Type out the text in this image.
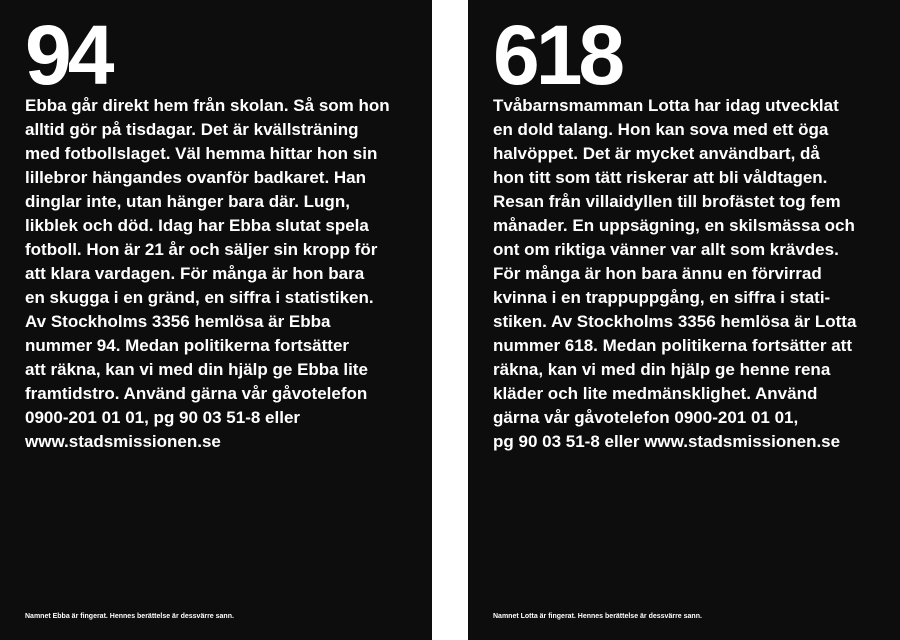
94

Ebba går direkt hem från skolan. Så som hon
alltid gör på tisdagar. Det är kvällsträning
med fotbollslaget. Väl hemma hittar hon sin
lillebror hängandes ovanför badkaret. Han
dinglar inte, utan hänger bara där. Lugn,
likblek och död. Idag har Ebba slutat spela
fotboll. Hon är 21 år och säljer sin kropp för
att klara vardagen. För många är hon bara
en skugga i en gränd, en siffra i statistiken.
Av Stockholms 3356 hemlösa är Ebba
nummer 94. Medan politikerna fortsätter
att räkna, kan vi med din hjälp ge Ebba lite
framtidstro. Använd gärna vår gåvotelefon
0900-201 01 01, pg 90 03 51-8 eller
www.stadsmissionen.se

Namnet Ebba är fingerat. Hennes berättelse är dessvärre sann.

618

Tvåbarnsmamman Lotta har idag utvecklat
en dold talang. Hon kan sova med ett öga
halvöppet. Det är mycket användbart, då
hon titt som tätt riskerar att bli våldtagen.
Resan från villaidyllen till brofästet tog fem
månader. En uppsägning, en skilsmässa och
ont om riktiga vänner var allt som krävdes.
För många är hon bara ännu en förvirrad
kvinna i en trappuppgång, en siffra i stati-
stiken. Av Stockholms 3356 hemlösa är Lotta
nummer 618. Medan politikerna fortsätter att
räkna, kan vi med din hjälp ge henne rena
kläder och lite medmänsklighet. Använd
gärna vår gåvotelefon 0900-201 01 01,
pg 90 03 51-8 eller www.stadsmissionen.se

Namnet Lotta är fingerat. Hennes berättelse är dessvärre sann.
